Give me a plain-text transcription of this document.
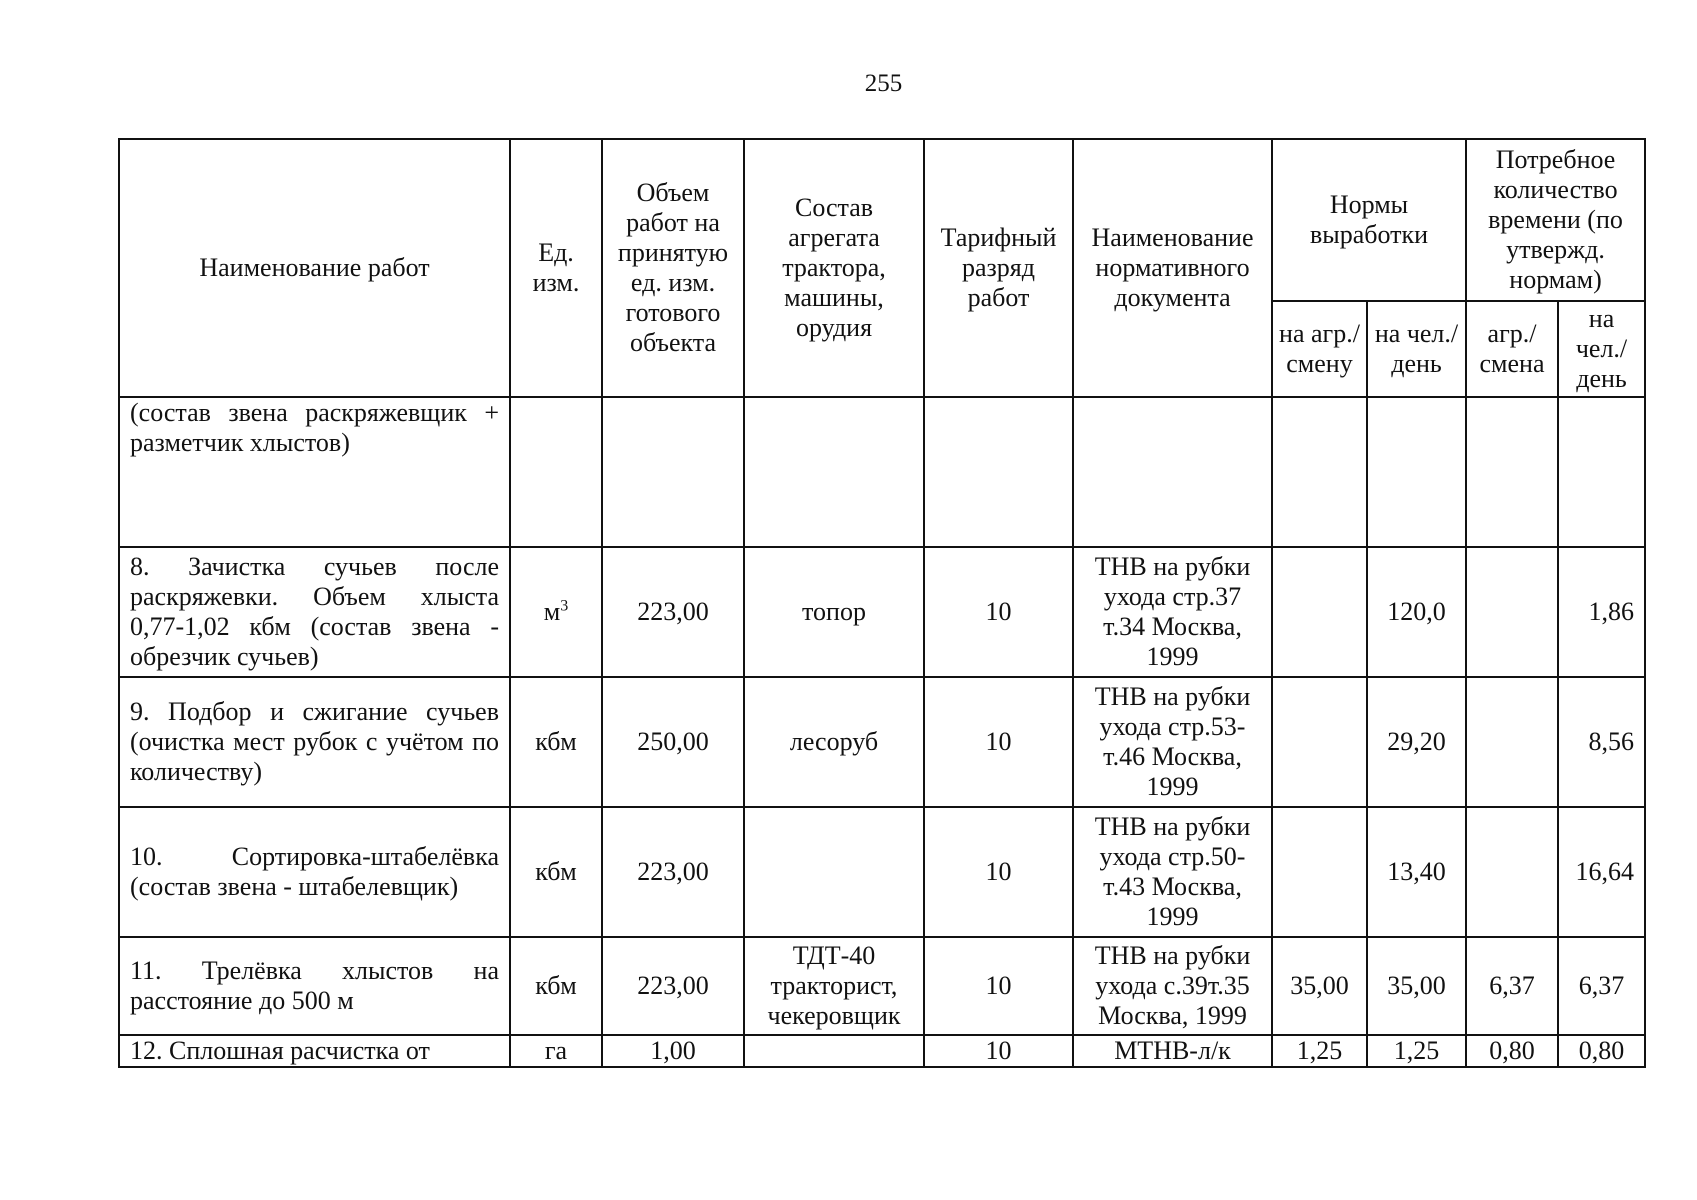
255
Наименование работ	Ед. изм.	Объем работ на принятую ед. изм. готового объекта	Состав агрегата трактора, машины, орудия	Тарифный разряд работ	Наименование нормативного документа	Нормы выработки		Потребное количество времени (по утвержд. нормам)	
						на агр./ смену	на чел./ день	агр./ смена	на чел./ день
(состав звена раскряжевщик + разметчик хлыстов)									
8. Зачистка сучьев после раскряжевки. Объем хлыста 0,77-1,02 кбм (состав звена - обрезчик сучьев)	$м^3$	223,00	топор	10	ТНВ на рубки ухода стр.37 т.34 Москва, 1999		120,0		1,86
9. Подбор и сжигание сучьев (очистка мест рубок с учётом по количеству)	кбм	250,00	лесоруб	10	ТНВ на рубки ухода стр.53-т.46 Москва, 1999		29,20		8,56
10. Сортировка-штабелёвка (состав звена - штабелевщик)	кбм	223,00		10	ТНВ на рубки ухода стр.50-т.43 Москва, 1999		13,40		16,64
11. Трелёвка хлыстов на расстояние до 500 м	кбм	223,00	ТДТ-40 тракторист, чекеровщик	10	ТНВ на рубки ухода с.39т.35 Москва, 1999	35,00	35,00	6,37	6,37
12. Сплошная расчистка от	га	1,00		10	МТНВ-л/к	1,25	1,25	0,80	0,80
